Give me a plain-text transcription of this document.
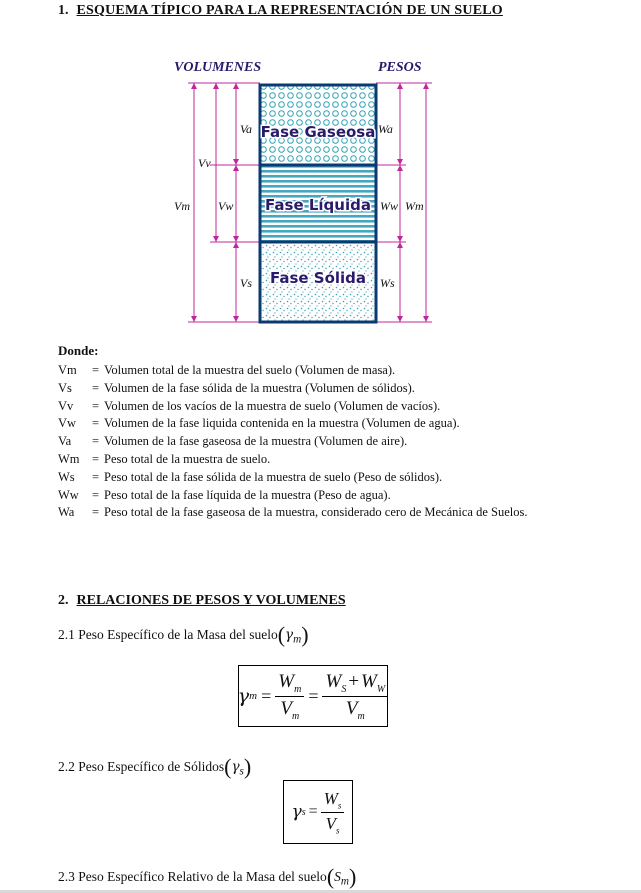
1. ESQUEMA TÍPICO PARA LA REPRESENTACIÓN DE UN SUELO
VOLUMENES	PESOS
Fase Gaseosa
Fase Líquida
Fase Sólida
Va
Vv
Vm Vw
Vs
Wa
Ww Wm
Ws
Donde:
Vm	= Volumen total de la muestra del suelo (Volumen de masa).
Vs	= Volumen de la fase sólida de la muestra (Volumen de sólidos).
Vv	= Volumen de los vacíos de la muestra de suelo (Volumen de vacíos).
Vw	= Volumen de la fase liquida contenida en la muestra (Volumen de agua).
Va	= Volumen de la fase gaseosa de la muestra (Volumen de aire).
Wm = Peso total de la muestra de suelo.
Ws	= Peso total de la fase sólida de la muestra de suelo (Peso de sólidos).
Ww	= Peso total de la fase líquida de la muestra (Peso de agua).
Wa	= Peso total de la fase gaseosa de la muestra, considerado cero de Mecánica de Suelos.
2. RELACIONES DE PESOS Y VOLUMENES
2.1 Peso Específico de la Masa del $suelo(\gamma_m)$
γ $m = \frac{W_m}{V_m} = \frac{W_S + W_W}{V_m}$
2.2 Peso Específico de $Sólidos(\gamma_s)$
γ $s = \frac{W_s}{V_s}$
2.3 Peso Específico Relativo de la Masa del $suelo(S_m)$
